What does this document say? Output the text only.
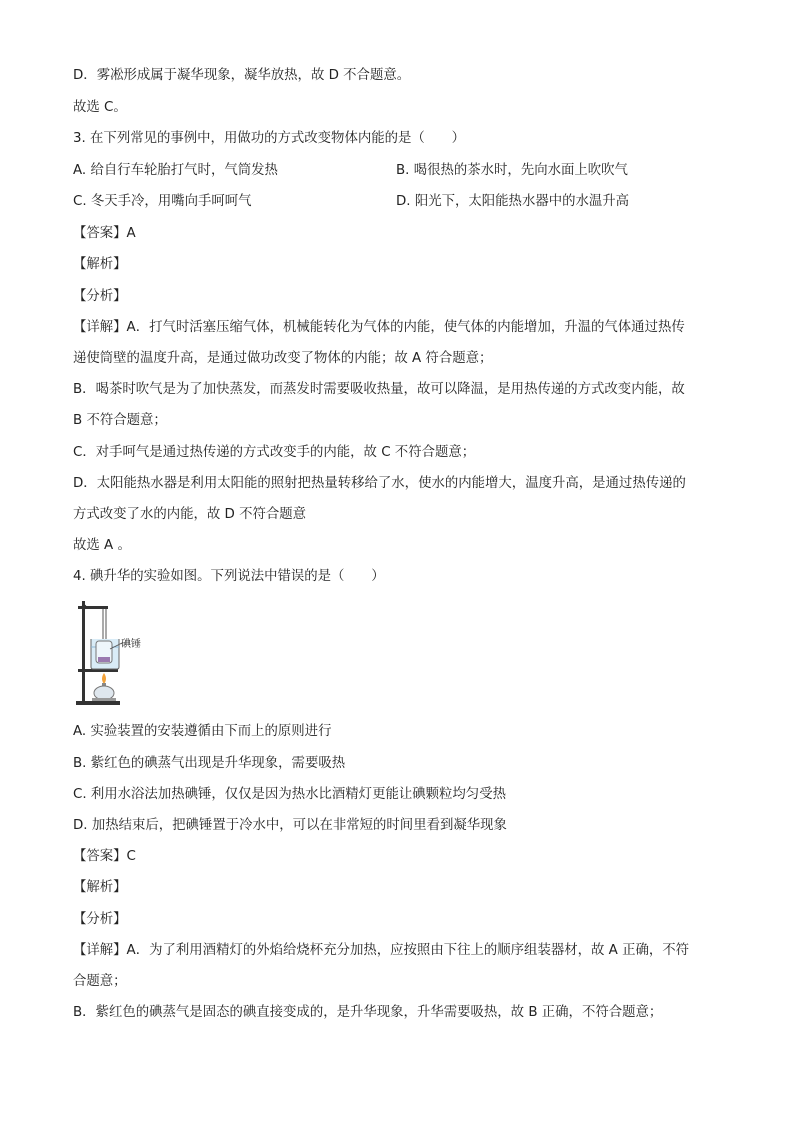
D．雾凇形成属于凝华现象，凝华放热，故 D 不合题意。
故选 C。
3. 在下列常见的事例中，用做功的方式改变物体内能的是（　　）
A. 给自行车轮胎打气时，气筒发热	B. 喝很热的茶水时，先向水面上吹吹气
C. 冬天手冷，用嘴向手呵呵气	D. 阳光下，太阳能热水器中的水温升高
【答案】A
【解析】
【分析】
【详解】A．打气时活塞压缩气体，机械能转化为气体的内能，使气体的内能增加，升温的气体通过热传
递使筒壁的温度升高，是通过做功改变了物体的内能；故 A 符合题意；
B．喝茶时吹气是为了加快蒸发，而蒸发时需要吸收热量，故可以降温，是用热传递的方式改变内能，故
B 不符合题意；
C．对手呵气是通过热传递的方式改变手的内能，故 C 不符合题意；
D．太阳能热水器是利用太阳能的照射把热量转移给了水，使水的内能增大，温度升高，是通过热传递的
方式改变了水的内能，故 D 不符合题意
故选 A 。
4. 碘升华的实验如图。下列说法中错误的是（　　）
碘锤
A. 实验装置的安装遵循由下而上的原则进行
B. 紫红色的碘蒸气出现是升华现象，需要吸热
C. 利用水浴法加热碘锤，仅仅是因为热水比酒精灯更能让碘颗粒均匀受热
D. 加热结束后，把碘锤置于冷水中，可以在非常短的时间里看到凝华现象
【答案】C
【解析】
【分析】
【详解】A．为了利用酒精灯的外焰给烧杯充分加热，应按照由下往上的顺序组装器材，故 A 正确，不符
合题意；
B．紫红色的碘蒸气是固态的碘直接变成的，是升华现象，升华需要吸热，故 B 正确，不符合题意；
